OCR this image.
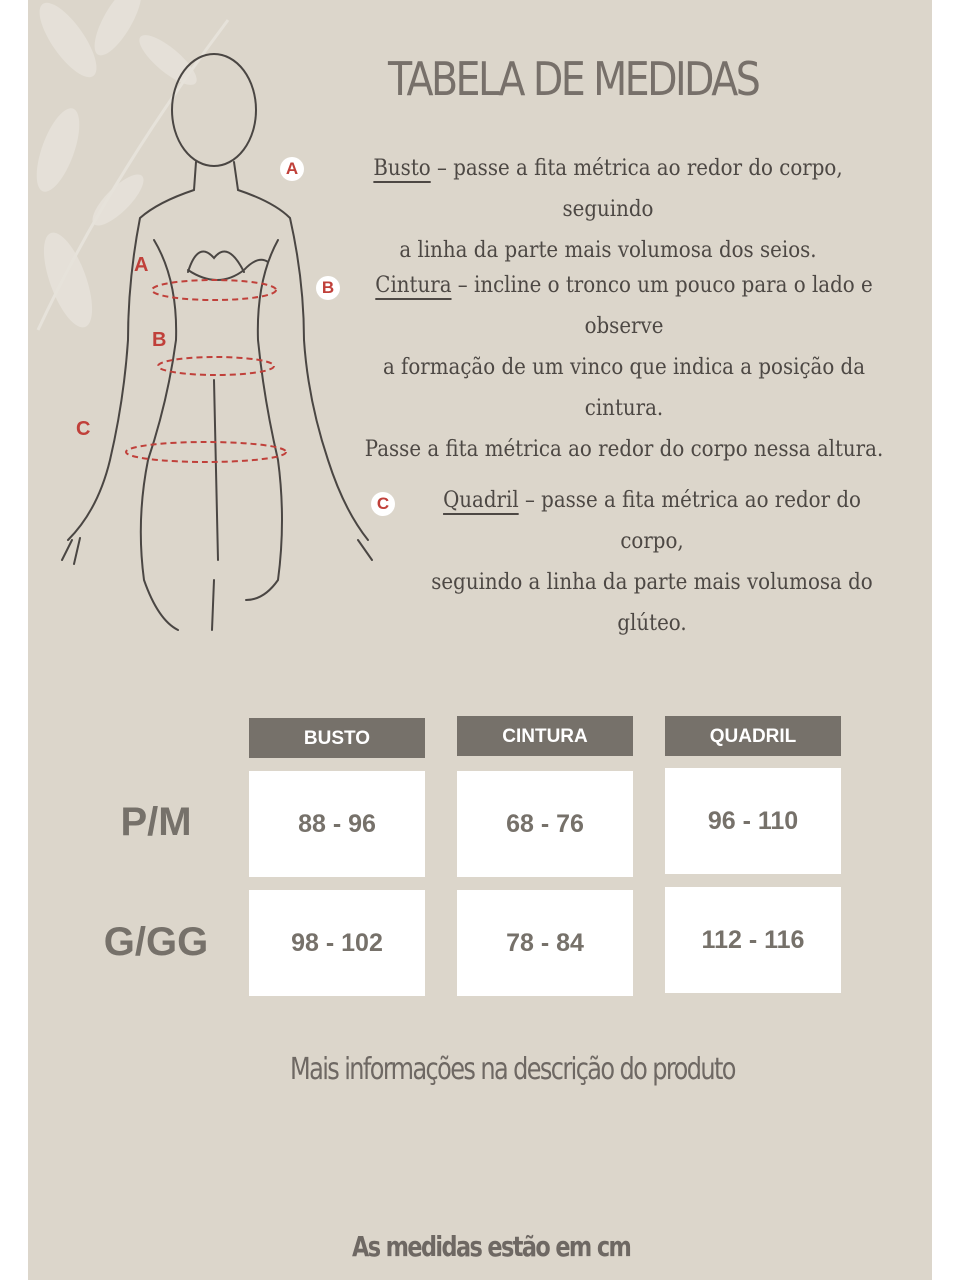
A
B
C
TABELA DE MEDIDAS
A	Busto – passe a fita métrica ao redor do corpo, seguindo
a linha da parte mais volumosa dos seios.
B	Cintura – incline o tronco um pouco para o lado e
observe
a formação de um vinco que indica a posição da cintura.
Passe a fita métrica ao redor do corpo nessa altura.
C	Quadril – passe a fita métrica ao redor do corpo,
seguindo a linha da parte mais volumosa do
glúteo.
BUSTO	CINTURA	QUADRIL
P/M	88 - 96	68 - 76	96 - 110
G/GG	98 - 102	78 - 84	112 - 116
Mais informações na descrição do produto
As medidas estão em cm
